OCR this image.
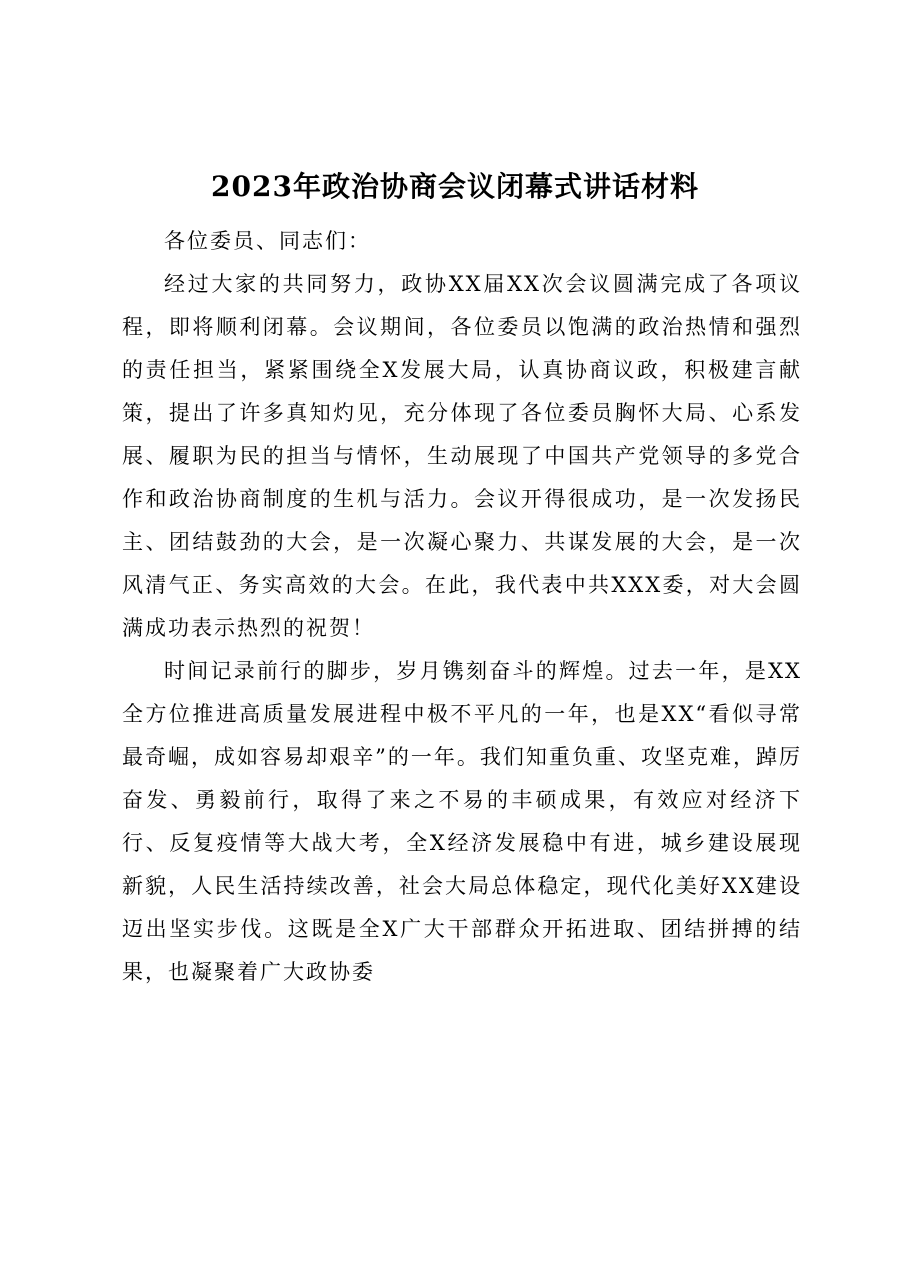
2023年政治协商会议闭幕式讲话材料

各位委员、同志们：

经过大家的共同努力，政协XX届XX次会议圆满完成了各项议程，即将顺利闭幕。会议期间，各位委员以饱满的政治热情和强烈的责任担当，紧紧围绕全X发展大局，认真协商议政，积极建言献策，提出了许多真知灼见，充分体现了各位委员胸怀大局、心系发展、履职为民的担当与情怀，生动展现了中国共产党领导的多党合作和政治协商制度的生机与活力。会议开得很成功，是一次发扬民主、团结鼓劲的大会，是一次凝心聚力、共谋发展的大会，是一次风清气正、务实高效的大会。在此，我代表中共XXX委，对大会圆满成功表示热烈的祝贺！

时间记录前行的脚步，岁月镌刻奋斗的辉煌。过去一年，是XX全方位推进高质量发展进程中极不平凡的一年，也是XX“看似寻常最奇崛，成如容易却艰辛”的一年。我们知重负重、攻坚克难，踔厉奋发、勇毅前行，取得了来之不易的丰硕成果，有效应对经济下行、反复疫情等大战大考，全X经济发展稳中有进，城乡建设展现新貌，人民生活持续改善，社会大局总体稳定，现代化美好XX建设迈出坚实步伐。这既是全X广大干部群众开拓进取、团结拼搏的结果，也凝聚着广大政协委
